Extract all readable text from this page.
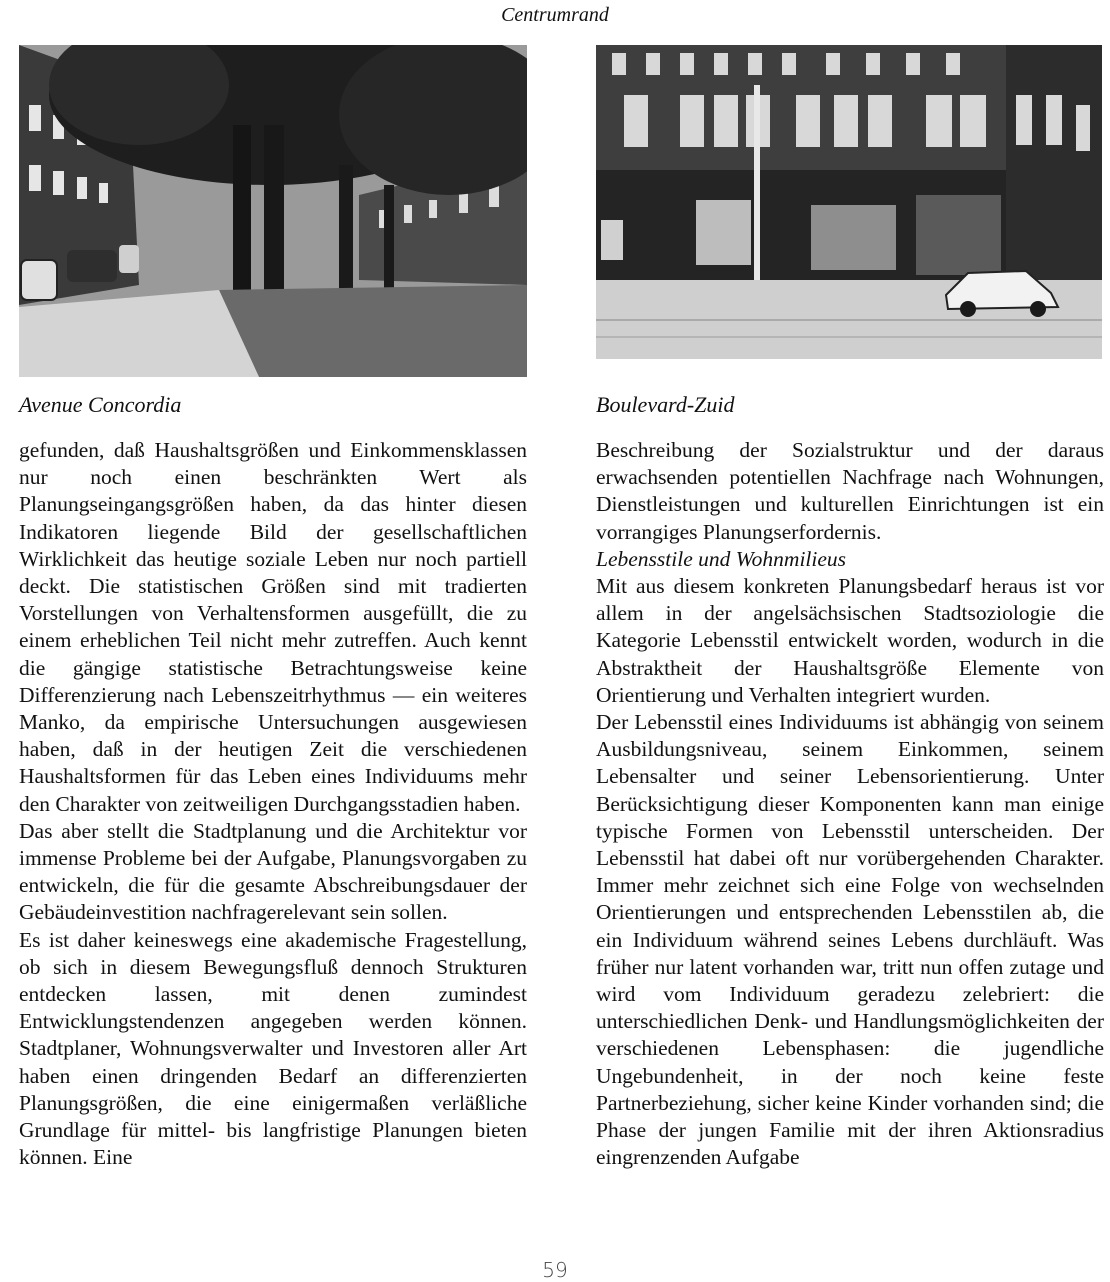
Centrumrand
Avenue Concordia	Boulevard-Zuid

gefunden, daß Haushaltsgrößen und Einkommensklassen nur noch einen beschränkten Wert als Planungseingangsgrößen haben, da das hinter diesen Indikatoren liegende Bild der gesellschaftlichen Wirklichkeit das heutige soziale Leben nur noch partiell deckt. Die statistischen Größen sind mit tradierten Vorstellungen von Verhaltensformen ausgefüllt, die zu einem erheblichen Teil nicht mehr zutreffen. Auch kennt die gängige statistische Betrachtungsweise keine Differenzierung nach Lebenszeitrhythmus — ein weiteres Manko, da empirische Untersuchungen ausgewiesen haben, daß in der heutigen Zeit die verschiedenen Haushaltsformen für das Leben eines Individuums mehr den Charakter von zeitweiligen Durchgangsstadien haben.

Das aber stellt die Stadtplanung und die Architektur vor immense Probleme bei der Aufgabe, Planungsvorgaben zu entwickeln, die für die gesamte Abschreibungsdauer der Gebäudeinvestition nachfragerelevant sein sollen.

Es ist daher keineswegs eine akademische Fragestellung, ob sich in diesem Bewegungsfluß dennoch Strukturen entdecken lassen, mit denen zumindest Entwicklungstendenzen angegeben werden können. Stadtplaner, Wohnungsverwalter und Investoren aller Art haben einen dringenden Bedarf an differenzierten Planungsgrößen, die eine einigermaßen verläßliche Grundlage für mittel- bis langfristige Planungen bieten können. Eine

Beschreibung der Sozialstruktur und der daraus erwachsenden potentiellen Nachfrage nach Wohnungen, Dienstleistungen und kulturellen Einrichtungen ist ein vorrangiges Planungserfordernis.

Lebensstile und Wohnmilieus

Mit aus diesem konkreten Planungsbedarf heraus ist vor allem in der angelsächsischen Stadtsoziologie die Kategorie Lebensstil entwickelt worden, wodurch in die Abstraktheit der Haushaltsgröße Elemente von Orientierung und Verhalten integriert wurden.

Der Lebensstil eines Individuums ist abhängig von seinem Ausbildungsniveau, seinem Einkommen, seinem Lebensalter und seiner Lebensorientierung. Unter Berücksichtigung dieser Komponenten kann man einige typische Formen von Lebensstil unterscheiden. Der Lebensstil hat dabei oft nur vorübergehenden Charakter. Immer mehr zeichnet sich eine Folge von wechselnden Orientierungen und entsprechenden Lebensstilen ab, die ein Individuum während seines Lebens durchläuft. Was früher nur latent vorhanden war, tritt nun offen zutage und wird vom Individuum geradezu zelebriert: die unterschiedlichen Denk- und Handlungsmöglichkeiten der verschiedenen Lebensphasen: die jugendliche Ungebundenheit, in der noch keine feste Partnerbeziehung, sicher keine Kinder vorhanden sind; die Phase der jungen Familie mit der ihren Aktionsradius eingrenzenden Aufgabe

59
